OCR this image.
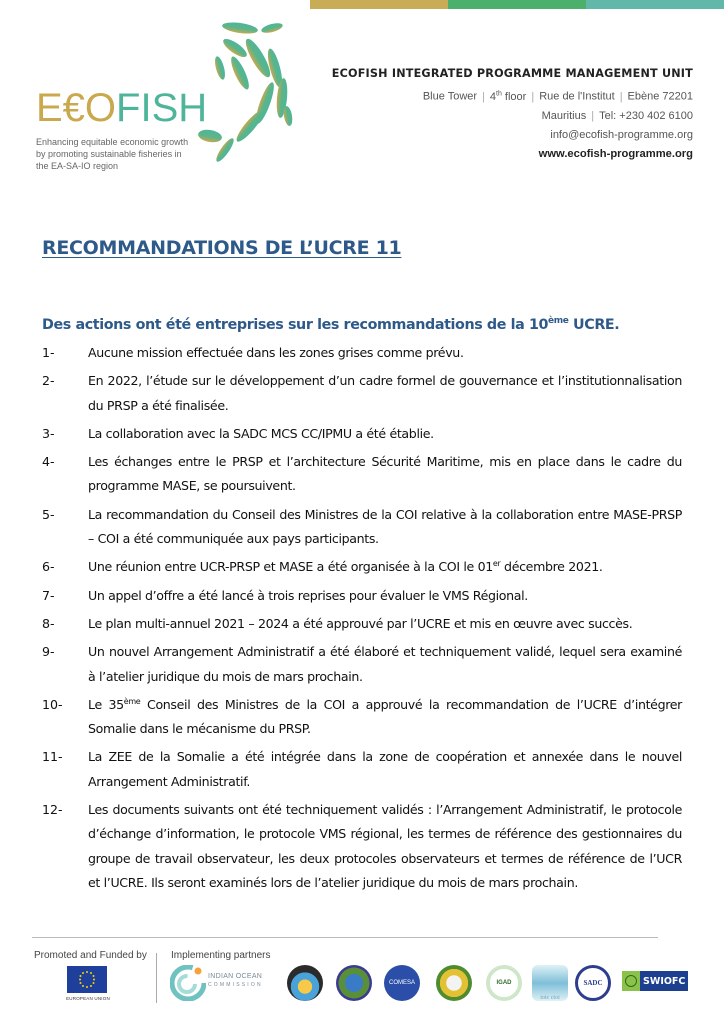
E€OFISH
Enhancing equitable economic growth by promoting sustainable fisheries in the EA-SA-IO region
ECOFISH INTEGRATED PROGRAMME MANAGEMENT UNIT
Blue Tower | 4th floor | Rue de l'Institut | Ebène 72201
Mauritius | Tel: +230 402 6100
info@ecofish-programme.org
www.ecofish-programme.org
RECOMMANDATIONS DE L’UCRE 11
Des actions ont été entreprises sur les recommandations de la 10ème UCRE.
1-	Aucune mission effectuée dans les zones grises comme prévu.
2-	En 2022, l’étude sur le développement d’un cadre formel de gouvernance et l’institutionnalisation du PRSP a été finalisée.
3-	La collaboration avec la SADC MCS CC/IPMU a été établie.
4-	Les échanges entre le PRSP et l’architecture Sécurité Maritime, mis en place dans le cadre du programme MASE, se poursuivent.
5-	La recommandation du Conseil des Ministres de la COI relative à la collaboration entre MASE-PRSP – COI a été communiquée aux pays participants.
6-	Une réunion entre UCR-PRSP et MASE a été organisée à la COI le 01er décembre 2021.
7-	Un appel d’offre a été lancé à trois reprises pour évaluer le VMS Régional.
8-	Le plan multi-annuel 2021 – 2024 a été approuvé par l’UCRE et mis en œuvre avec succès.
9-	Un nouvel Arrangement Administratif a été élaboré et techniquement validé, lequel sera examiné à l’atelier juridique du mois de mars prochain.
10-	Le 35ème Conseil des Ministres de la COI a approuvé la recommandation de l’UCRE d’intégrer Somalie dans le mécanisme du PRSP.
11-	La ZEE de la Somalie a été intégrée dans la zone de coopération et annexée dans le nouvel Arrangement Administratif.
12-	Les documents suivants ont été techniquement validés : l’Arrangement Administratif, le protocole d’échange d’information, le protocole VMS régional, les termes de référence des gestionnaires du groupe de travail observateur, les deux protocoles observateurs et termes de référence de l’UCR et l’UCRE. Ils seront examinés lors de l’atelier juridique du mois de mars prochain.
Promoted and Funded by Implementing partners
EUROPEAN UNION
INDIAN OCEAN
COMMISSION	COMESA	IGAD
iotc ctoi
SADC	SWIOFC
